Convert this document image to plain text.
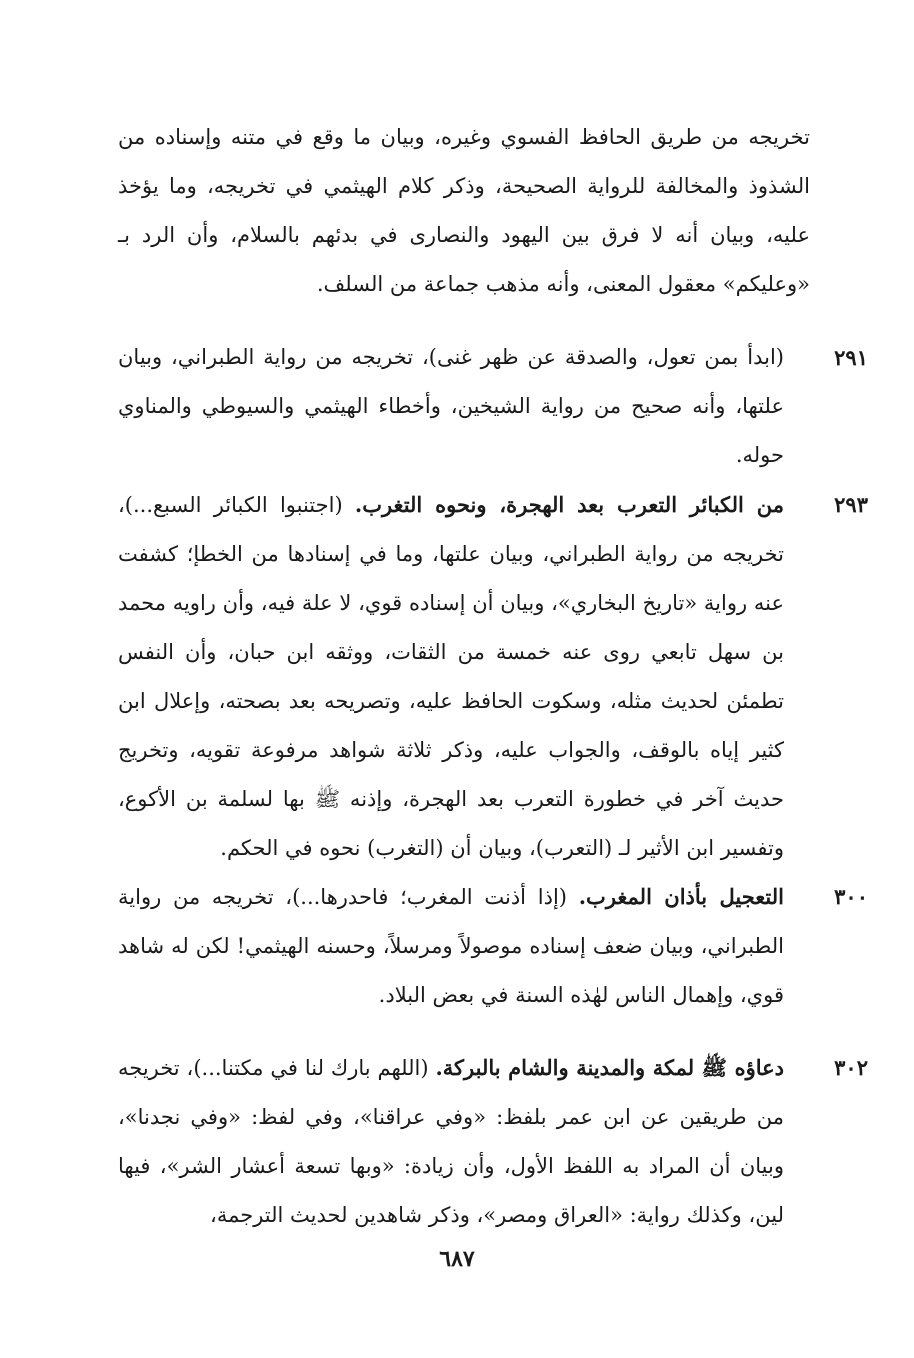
تخريجه من طريق الحافظ الفسوي وغيره، وبيان ما وقع في متنه وإسناده من الشذوذ والمخالفة للرواية الصحيحة، وذكر كلام الهيثمي في تخريجه، وما يؤخذ عليه، وبيان أنه لا فرق بين اليهود والنصارى في بدئهم بالسلام، وأن الرد بـ «وعليكم» معقول المعنى، وأنه مذهب جماعة من السلف.

٢٩١
(ابدأ بمن تعول، والصدقة عن ظهر غنى)، تخريجه من رواية الطبراني، وبيان علتها، وأنه صحيح من رواية الشيخين، وأخطاء الهيثمي والسيوطي والمناوي حوله.
٢٩٣
من الكبائر التعرب بعد الهجرة، ونحوه التغرب. (اجتنبوا الكبائر السبع...)، تخريجه من رواية الطبراني، وبيان علتها، وما في إسنادها من الخطإ؛ كشفت عنه رواية «تاريخ البخاري»، وبيان أن إسناده قوي، لا علة فيه، وأن راويه محمد بن سهل تابعي روى عنه خمسة من الثقات، ووثقه ابن حبان، وأن النفس تطمئن لحديث مثله، وسكوت الحافظ عليه، وتصريحه بعد بصحته، وإعلال ابن كثير إياه بالوقف، والجواب عليه، وذكر ثلاثة شواهد مرفوعة تقويه، وتخريج حديث آخر في خطورة التعرب بعد الهجرة، وإذنه ﷺ بها لسلمة بن الأكوع، وتفسير ابن الأثير لـ (التعرب)، وبيان أن (التغرب) نحوه في الحكم.
٣٠٠
التعجيل بأذان المغرب. (إذا أذنت المغرب؛ فاحدرها...)، تخريجه من رواية الطبراني، وبيان ضعف إسناده موصولاً ومرسلاً، وحسنه الهيثمي! لكن له شاهد قوي، وإهمال الناس لهٰذه السنة في بعض البلاد.
٣٠٢
دعاؤه ﷺ لمكة والمدينة والشام بالبركة. (اللهم بارك لنا في مكتنا...)، تخريجه من طريقين عن ابن عمر بلفظ: «وفي عراقنا»، وفي لفظ: «وفي نجدنا»، وبيان أن المراد به اللفظ الأول، وأن زيادة: «وبها تسعة أعشار الشر»، فيها لين، وكذلك رواية: «العراق ومصر»، وذكر شاهدين لحديث الترجمة،
٦٨٧
